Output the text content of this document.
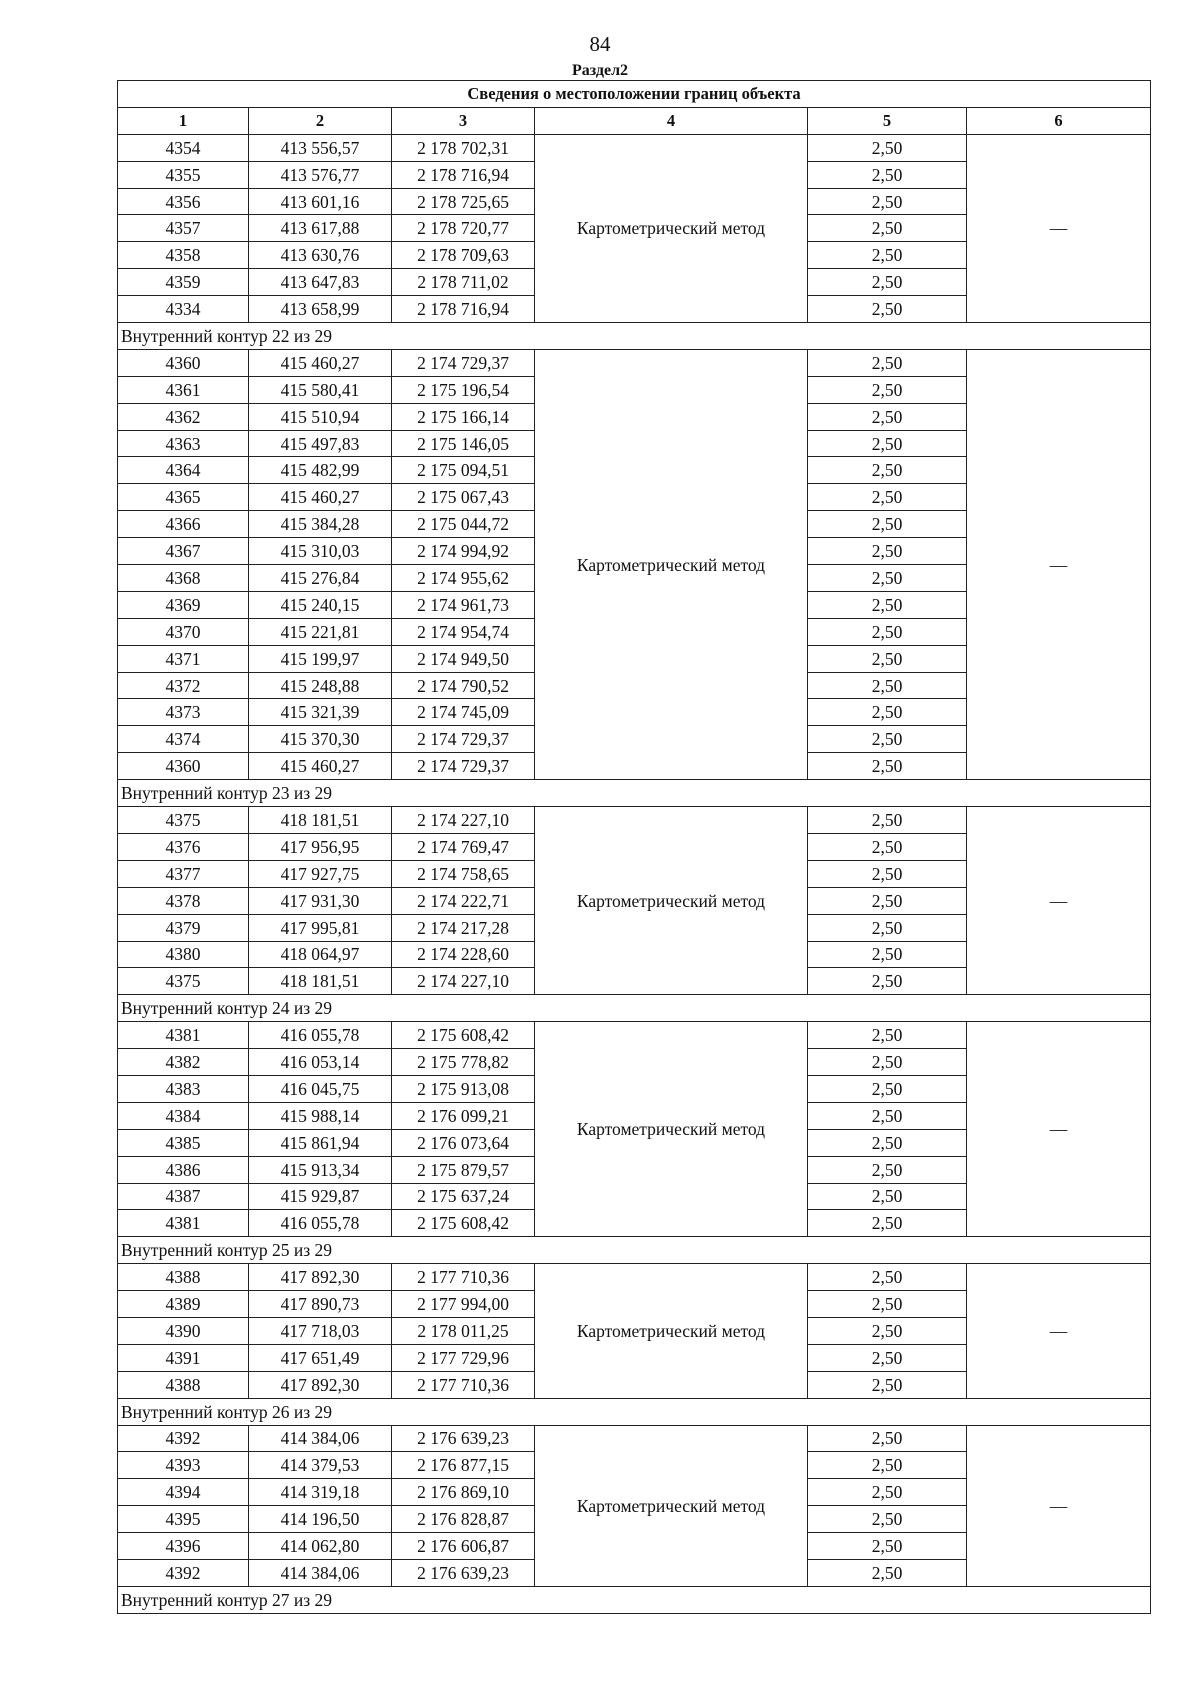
84
Раздел2
Сведения о местоположении границ объекта					
1	2	3	4	5	6
4354	413 556,57	2 178 702,31	Картометрический метод	2,50	—
4355	413 576,77	2 178 716,94		2,50	
4356	413 601,16	2 178 725,65		2,50	
4357	413 617,88	2 178 720,77		2,50	
4358	413 630,76	2 178 709,63		2,50	
4359	413 647,83	2 178 711,02		2,50	
4334	413 658,99	2 178 716,94		2,50	
Внутренний контур 22 из 29					
4360	415 460,27	2 174 729,37	Картометрический метод	2,50	—
4361	415 580,41	2 175 196,54		2,50	
4362	415 510,94	2 175 166,14		2,50	
4363	415 497,83	2 175 146,05		2,50	
4364	415 482,99	2 175 094,51		2,50	
4365	415 460,27	2 175 067,43		2,50	
4366	415 384,28	2 175 044,72		2,50	
4367	415 310,03	2 174 994,92		2,50	
4368	415 276,84	2 174 955,62		2,50	
4369	415 240,15	2 174 961,73		2,50	
4370	415 221,81	2 174 954,74		2,50	
4371	415 199,97	2 174 949,50		2,50	
4372	415 248,88	2 174 790,52		2,50	
4373	415 321,39	2 174 745,09		2,50	
4374	415 370,30	2 174 729,37		2,50	
4360	415 460,27	2 174 729,37		2,50	
Внутренний контур 23 из 29					
4375	418 181,51	2 174 227,10	Картометрический метод	2,50	—
4376	417 956,95	2 174 769,47		2,50	
4377	417 927,75	2 174 758,65		2,50	
4378	417 931,30	2 174 222,71		2,50	
4379	417 995,81	2 174 217,28		2,50	
4380	418 064,97	2 174 228,60		2,50	
4375	418 181,51	2 174 227,10		2,50	
Внутренний контур 24 из 29					
4381	416 055,78	2 175 608,42	Картометрический метод	2,50	—
4382	416 053,14	2 175 778,82		2,50	
4383	416 045,75	2 175 913,08		2,50	
4384	415 988,14	2 176 099,21		2,50	
4385	415 861,94	2 176 073,64		2,50	
4386	415 913,34	2 175 879,57		2,50	
4387	415 929,87	2 175 637,24		2,50	
4381	416 055,78	2 175 608,42		2,50	
Внутренний контур 25 из 29					
4388	417 892,30	2 177 710,36	Картометрический метод	2,50	—
4389	417 890,73	2 177 994,00		2,50	
4390	417 718,03	2 178 011,25		2,50	
4391	417 651,49	2 177 729,96		2,50	
4388	417 892,30	2 177 710,36		2,50	
Внутренний контур 26 из 29					
4392	414 384,06	2 176 639,23	Картометрический метод	2,50	—
4393	414 379,53	2 176 877,15		2,50	
4394	414 319,18	2 176 869,10		2,50	
4395	414 196,50	2 176 828,87		2,50	
4396	414 062,80	2 176 606,87		2,50	
4392	414 384,06	2 176 639,23		2,50	
Внутренний контур 27 из 29					
